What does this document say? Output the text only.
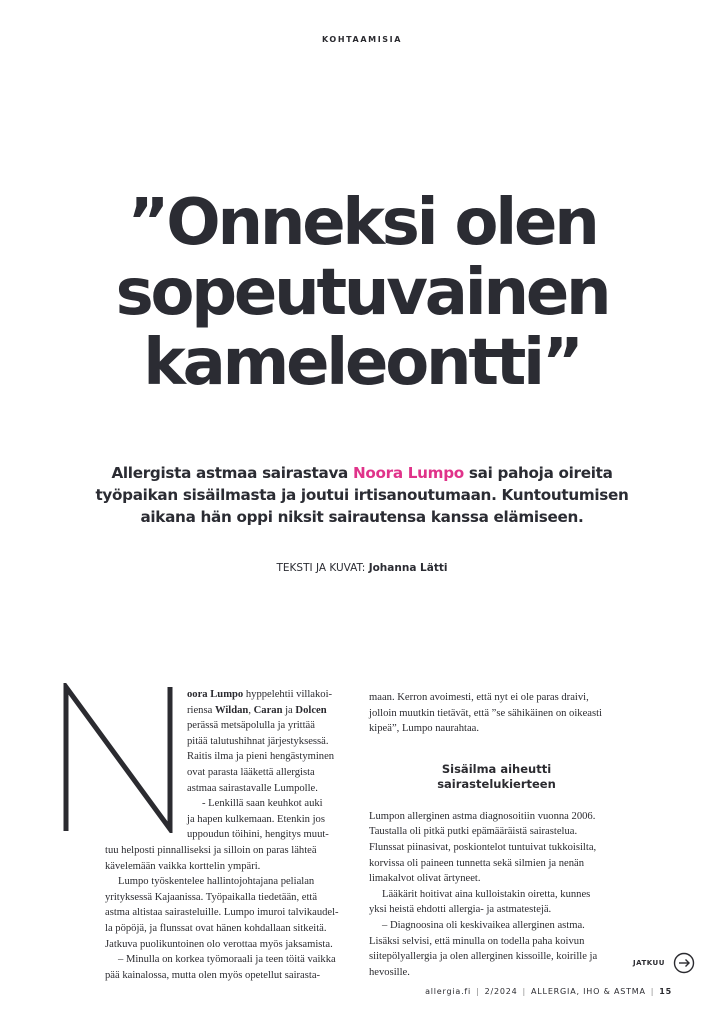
KOHTAAMISIA
”Onneksi olen
sopeutuvainen
kameleontti”

Allergista astmaa sairastava Noora Lumpo sai pahoja oireita työpaikan sisäilmasta ja joutui irtisanoutumaan. Kuntoutumisen aikana hän oppi niksit sairautensa kanssa elämiseen.

TEKSTI JA KUVAT: Johanna Lätti

oora Lumpo hyppelehtii villakoi-
riensa Wildan, Caran ja Dolcen
perässä metsäpolulla ja yrittää
pitää talutushihnat järjestyksessä.
Raitis ilma ja pieni hengästyminen
ovat parasta lääkettä allergista
astmaa sairastavalle Lumpolle.
- Lenkillä saan keuhkot auki
ja hapen kulkemaan. Etenkin jos
uppoudun töihini, hengitys muut-
tuu helposti pinnalliseksi ja silloin on paras lähteä
kävelemään vaikka korttelin ympäri.
Lumpo työskentelee hallintojohtajana pelialan
yrityksessä Kajaanissa. Työpaikalla tiedetään, että
astma altistaa sairasteluille. Lumpo imuroi talvikaudel-
la pöpöjä, ja flunssat ovat hänen kohdallaan sitkeitä.
Jatkuva puolikuntoinen olo verottaa myös jaksamista.
– Minulla on korkea työmoraali ja teen töitä vaikka
pää kainalossa, mutta olen myös opetellut sairasta-
maan. Kerron avoimesti, että nyt ei ole paras draivi,
jolloin muutkin tietävät, että ”se sähikäinen on oikeasti
kipeä”, Lumpo naurahtaa.
Lumpon allerginen astma diagnosoitiin vuonna 2006.
Taustalla oli pitkä putki epämääräistä sairastelua.
Flunssat piinasivat, poskiontelot tuntuivat tukkoisilta,
korvissa oli paineen tunnetta sekä silmien ja nenän
limakalvot olivat ärtyneet.
Lääkärit hoitivat aina kulloistakin oiretta, kunnes
yksi heistä ehdotti allergia- ja astmatestejä.
– Diagnoosina oli keskivaikea allerginen astma.
Lisäksi selvisi, että minulla on todella paha koivun
siitepölyallergia ja olen allerginen kissoille, koirille ja
hevosille.
Sisäilma aiheutti
sairastelukierteen
JATKUU
allergia.fi | 2/2024 | ALLERGIA, IHO & ASTMA | 15
